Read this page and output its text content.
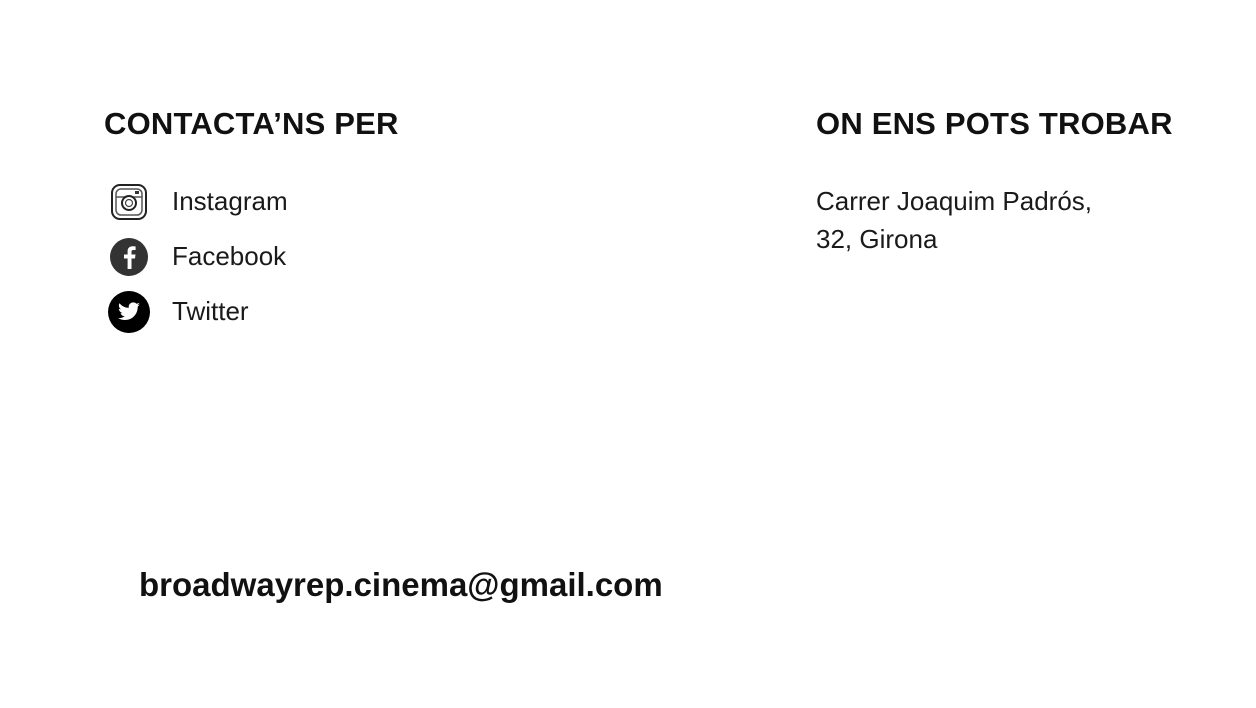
CONTACTA’NS PER
Instagram
Facebook
Twitter
ON ENS POTS TROBAR
Carrer Joaquim Padrós,
32, Girona
broadwayrep.cinema@gmail.com
